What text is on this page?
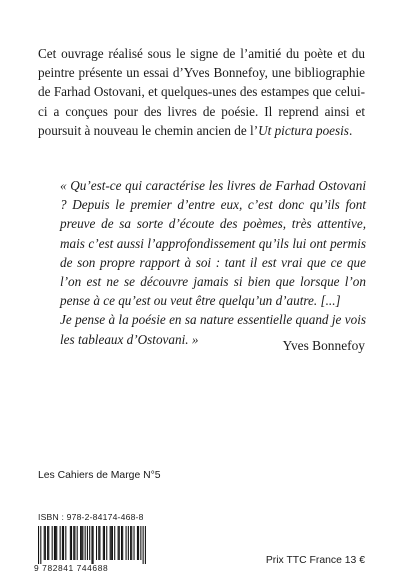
Cet ouvrage réalisé sous le signe de l’amitié du poète et du peintre présente un essai d’Yves Bonnefoy, une bibliographie de Farhad Ostovani, et quelques-unes des estampes que celui-ci a conçues pour des livres de poésie. Il reprend ainsi et poursuit à nouveau le chemin ancien de l’Ut pictura poesis.

« Qu’est-ce qui caractérise les livres de Farhad Ostovani ? Depuis le premier d’entre eux, c’est donc qu’ils font preuve de sa sorte d’écoute des poèmes, très attentive, mais c’est aussi l’approfondissement qu’ils lui ont permis de son propre rapport à soi : tant il est vrai que ce que l’on est ne se découvre jamais si bien que lorsque l’on pense à ce qu’est ou veut être quelqu’un d’autre. [...]

Je pense à la poésie en sa nature essentielle quand je vois les tableaux d’Ostovani. »	Yves Bonnefoy

Les Cahiers de Marge N°5

ISBN : 978-2-84174-468-8

9 782841 744688

Prix TTC France 13 €
